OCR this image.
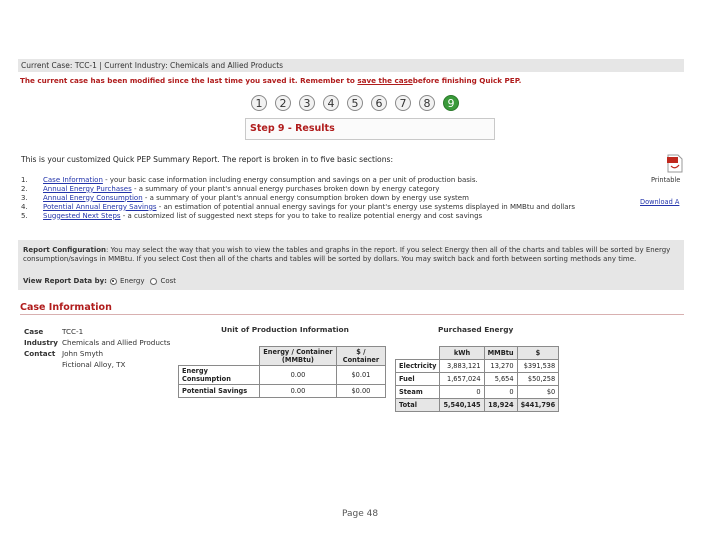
Current Case: TCC-1 | Current Industry: Chemicals and Allied Products
The current case has been modified since the last time you saved it. Remember to save the casebefore finishing Quick PEP.
1	2	3	4	5	6	7	8	9
Step 9 - Results
This is your customized Quick PEP Summary Report. The report is broken in to five basic sections:
1. Case Information - your basic case information including energy consumption and savings on a per unit of production basis.
2. Annual Energy Purchases - a summary of your plant's annual energy purchases broken down by energy category
3. Annual Energy Consumption - a summary of your plant's annual energy consumption broken down by energy use system
4. Potential Annual Energy Savings - an estimation of potential annual energy savings for your plant's energy use systems displayed in MMBtu and dollars
5. Suggested Next Steps - a customized list of suggested next steps for you to take to realize potential energy and cost savings
Printable
Download A
Report Configuration: You may select the way that you wish to view the tables and graphs in the report. If you select Energy then all of the charts and tables will be sorted by Energy consumption/savings in MMBtu. If you select Cost then all of the charts and tables will be sorted by dollars. You may switch back and forth between sorting methods any time.
View Report Data by: Energy Cost
Case Information
Case	TCC-1
Industry Chemicals and Allied Products
Contact John Smyth
Fictional Alloy, TX
Unit of Production Information
	Energy / Container (MMBtu)	$ / Container
Energy Consumption	0.00	$0.01
Potential Savings	0.00	$0.00
Purchased Energy
	kWh	MMBtu	$
Electricity	3,883,121	13,270	$391,538
Fuel	1,657,024	5,654	$50,258
Steam	0	0	$0
Total	5,540,145	18,924	$441,796
Page 48
